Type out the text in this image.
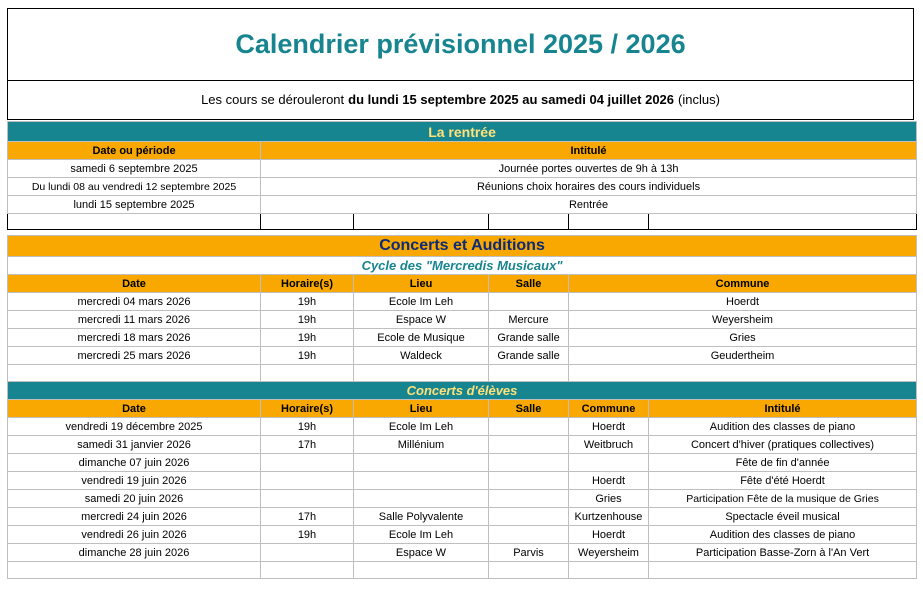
Calendrier prévisionnel 2025 / 2026
Les cours se dérouleront du lundi 15 septembre 2025 au samedi 04 juillet 2026 (inclus)
La rentrée					
Date ou période	Intitulé				
samedi 6 septembre 2025	Journée portes ouvertes de 9h à 13h				
Du lundi 08 au vendredi 12 septembre 2025	Réunions choix horaires des cours individuels				
lundi 15 septembre 2025	Rentrée				

Concerts et Auditions					
Cycle des "Mercredis Musicaux"					
Date	Horaire(s)	Lieu	Salle	Commune	
mercredi 04 mars 2026	19h	Ecole Im Leh		Hoerdt	
mercredi 11 mars 2026	19h	Espace W	Mercure	Weyersheim	
mercredi 18 mars 2026	19h	Ecole de Musique	Grande salle	Gries	
mercredi 25 mars 2026	19h	Waldeck	Grande salle	Geudertheim	

Concerts d'élèves					
Date	Horaire(s)	Lieu	Salle	Commune	Intitulé
vendredi 19 décembre 2025	19h	Ecole Im Leh		Hoerdt	Audition des classes de piano
samedi 31 janvier 2026	17h	Millénium		Weitbruch	Concert d'hiver (pratiques collectives)
dimanche 07 juin 2026					Fête de fin d'année
vendredi 19 juin 2026				Hoerdt	Fête d'été Hoerdt
samedi 20 juin 2026				Gries	Participation Fête de la musique de Gries
mercredi 24 juin 2026	17h	Salle Polyvalente		Kurtzenhouse	Spectacle éveil musical
vendredi 26 juin 2026	19h	Ecole Im Leh		Hoerdt	Audition des classes de piano
dimanche 28 juin 2026		Espace W	Parvis	Weyersheim	Participation Basse-Zorn à l'An Vert
